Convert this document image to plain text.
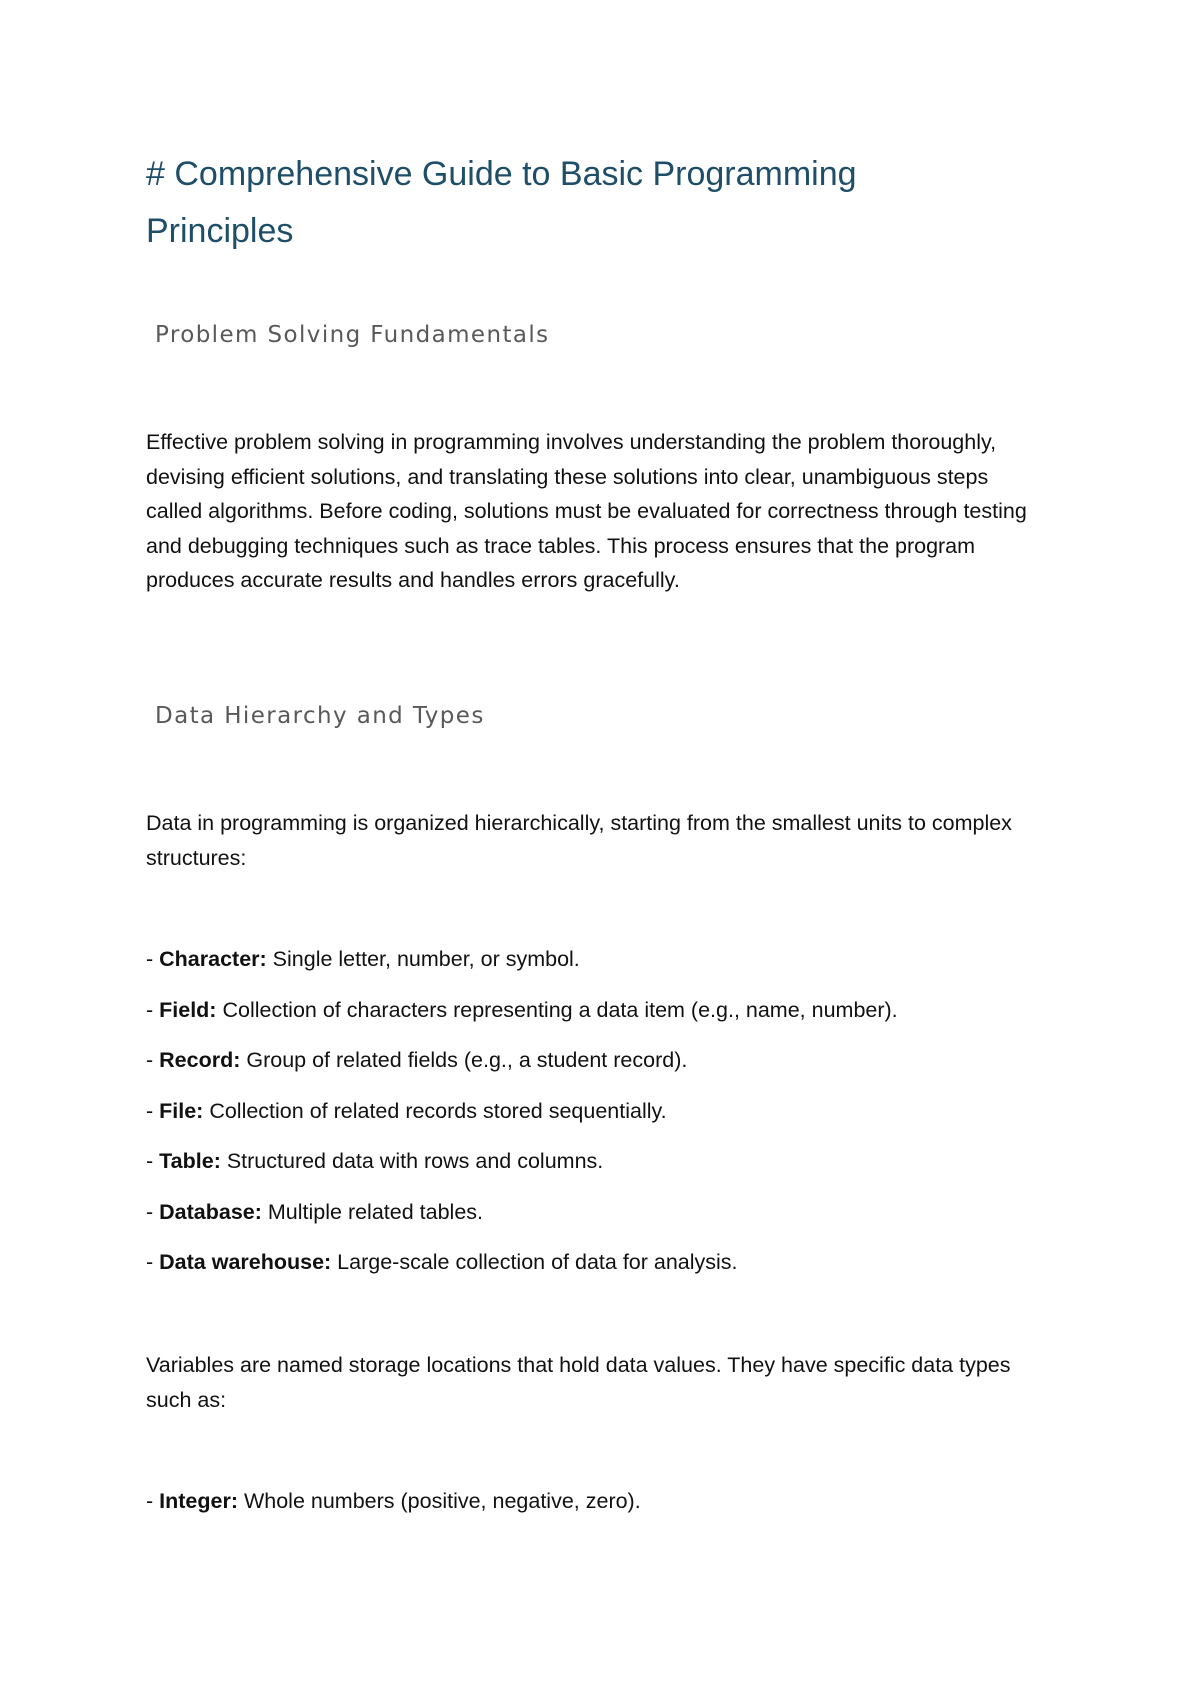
# Comprehensive Guide to Basic Programming Principles
Problem Solving Fundamentals

Effective problem solving in programming involves understanding the problem thoroughly, devising efficient solutions, and translating these solutions into clear, unambiguous steps called algorithms. Before coding, solutions must be evaluated for correctness through testing and debugging techniques such as trace tables. This process ensures that the program produces accurate results and handles errors gracefully.

Data Hierarchy and Types

Data in programming is organized hierarchically, starting from the smallest units to complex structures:

- Character: Single letter, number, or symbol.
- Field: Collection of characters representing a data item (e.g., name, number).
- Record: Group of related fields (e.g., a student record).
- File: Collection of related records stored sequentially.
- Table: Structured data with rows and columns.
- Database: Multiple related tables.
- Data warehouse: Large-scale collection of data for analysis.

Variables are named storage locations that hold data values. They have specific data types such as:

- Integer: Whole numbers (positive, negative, zero).
